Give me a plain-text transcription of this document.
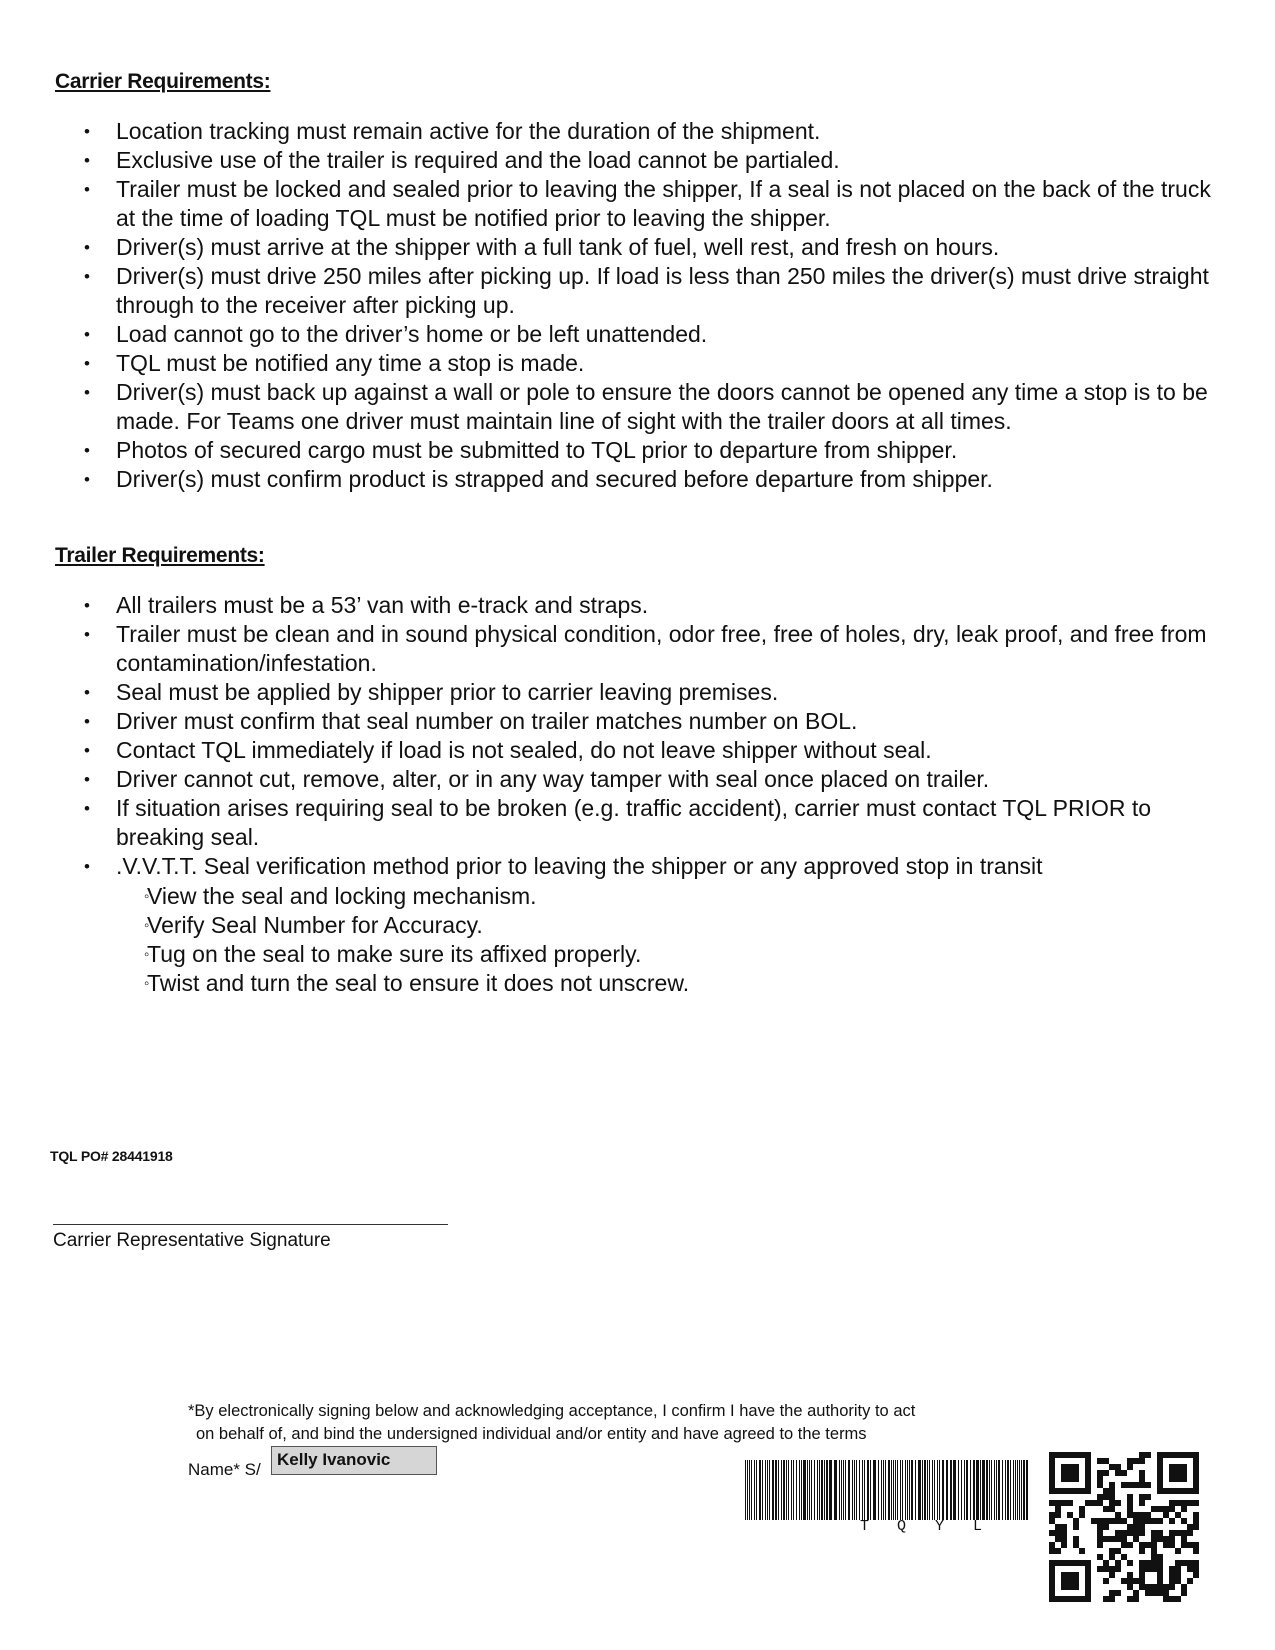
Carrier Requirements:
• Location tracking must remain active for the duration of the shipment.
• Exclusive use of the trailer is required and the load cannot be partialed.
• Trailer must be locked and sealed prior to leaving the shipper, If a seal is not placed on the back of the truck at the time of loading TQL must be notified prior to leaving the shipper.
• Driver(s) must arrive at the shipper with a full tank of fuel, well rest, and fresh on hours.
• Driver(s) must drive 250 miles after picking up. If load is less than 250 miles the driver(s) must drive straight through to the receiver after picking up.
• Load cannot go to the driver’s home or be left unattended.
• TQL must be notified any time a stop is made.
• Driver(s) must back up against a wall or pole to ensure the doors cannot be opened any time a stop is to be made. For Teams one driver must maintain line of sight with the trailer doors at all times.
• Photos of secured cargo must be submitted to TQL prior to departure from shipper.
• Driver(s) must confirm product is strapped and secured before departure from shipper.
Trailer Requirements:
• All trailers must be a 53’ van with e-track and straps.
• Trailer must be clean and in sound physical condition, odor free, free of holes, dry, leak proof, and free from contamination/infestation.
• Seal must be applied by shipper prior to carrier leaving premises.
• Driver must confirm that seal number on trailer matches number on BOL.
• Contact TQL immediately if load is not sealed, do not leave shipper without seal.
• Driver cannot cut, remove, alter, or in any way tamper with seal once placed on trailer.
• If situation arises requiring seal to be broken (e.g. traffic accident), carrier must contact TQL PRIOR to breaking seal.
• .V.V.T.T. Seal verification method prior to leaving the shipper or any approved stop in transit
◦ View the seal and locking mechanism.
◦ Verify Seal Number for Accuracy.
◦ Tug on the seal to make sure its affixed properly.
◦ Twist and turn the seal to ensure it does not unscrew.
TQL PO# 28441918
Carrier Representative Signature
*By electronically signing below and acknowledging acceptance, I confirm I have the authority to act
on behalf of, and bind the undersigned individual and/or entity and have agreed to the terms
Name* S/
Kelly Ivanovic
T Q Y L
